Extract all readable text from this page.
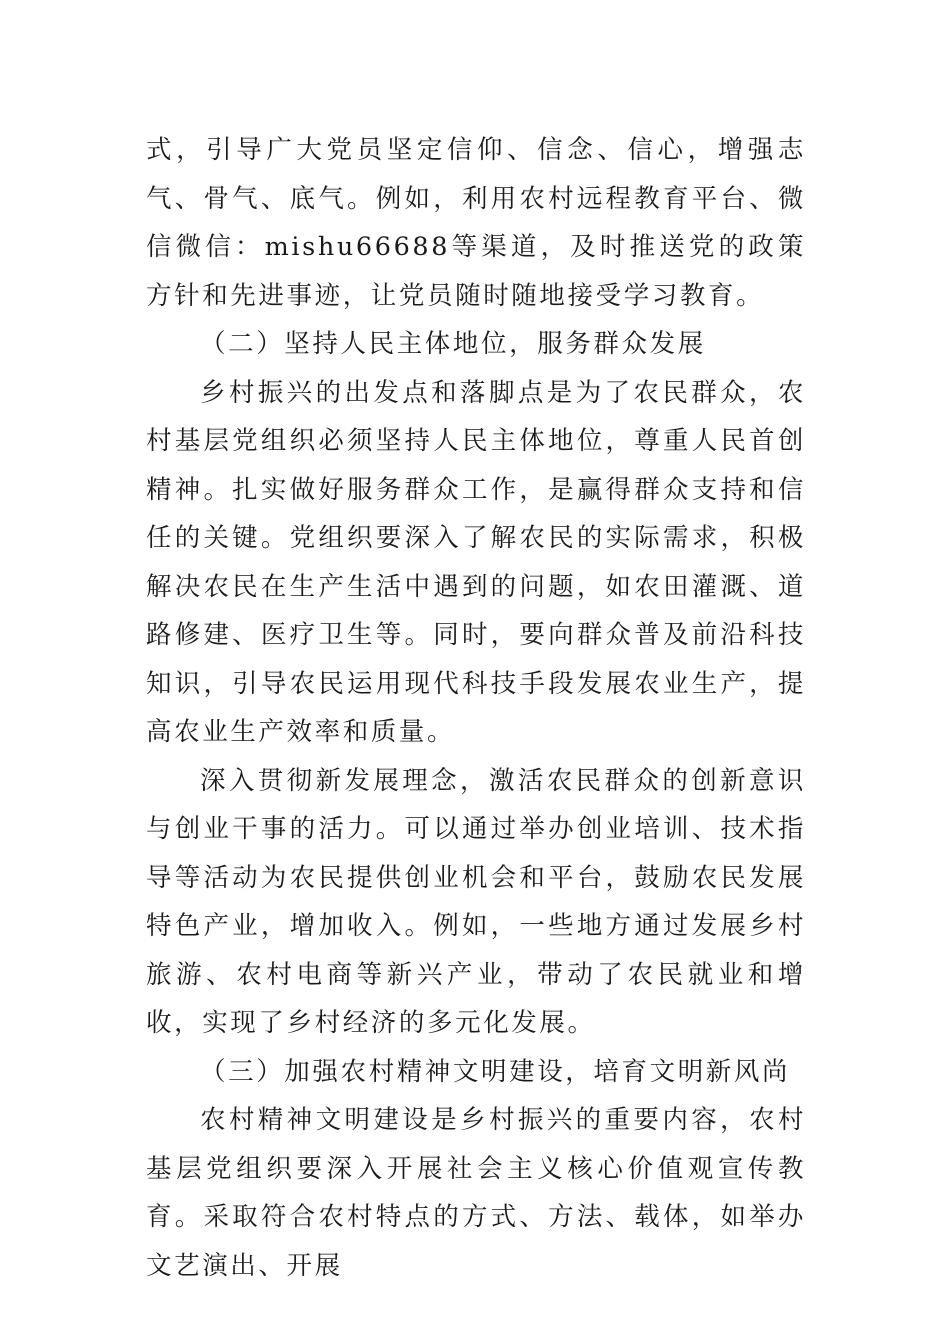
式，引导广大党员坚定信仰、信念、信心，增强志气、骨气、底气。例如，利用农村远程教育平台、微信微信：mishu66688等渠道，及时推送党的政策方针和先进事迹，让党员随时随地接受学习教育。

（二）坚持人民主体地位，服务群众发展

乡村振兴的出发点和落脚点是为了农民群众，农村基层党组织必须坚持人民主体地位，尊重人民首创精神。扎实做好服务群众工作，是赢得群众支持和信任的关键。党组织要深入了解农民的实际需求，积极解决农民在生产生活中遇到的问题，如农田灌溉、道路修建、医疗卫生等。同时，要向群众普及前沿科技知识，引导农民运用现代科技手段发展农业生产，提高农业生产效率和质量。

深入贯彻新发展理念，激活农民群众的创新意识与创业干事的活力。可以通过举办创业培训、技术指导等活动为农民提供创业机会和平台，鼓励农民发展特色产业，增加收入。例如，一些地方通过发展乡村旅游、农村电商等新兴产业，带动了农民就业和增收，实现了乡村经济的多元化发展。

（三）加强农村精神文明建设，培育文明新风尚

农村精神文明建设是乡村振兴的重要内容，农村基层党组织要深入开展社会主义核心价值观宣传教育。采取符合农村特点的方式、方法、载体，如举办文艺演出、开展
